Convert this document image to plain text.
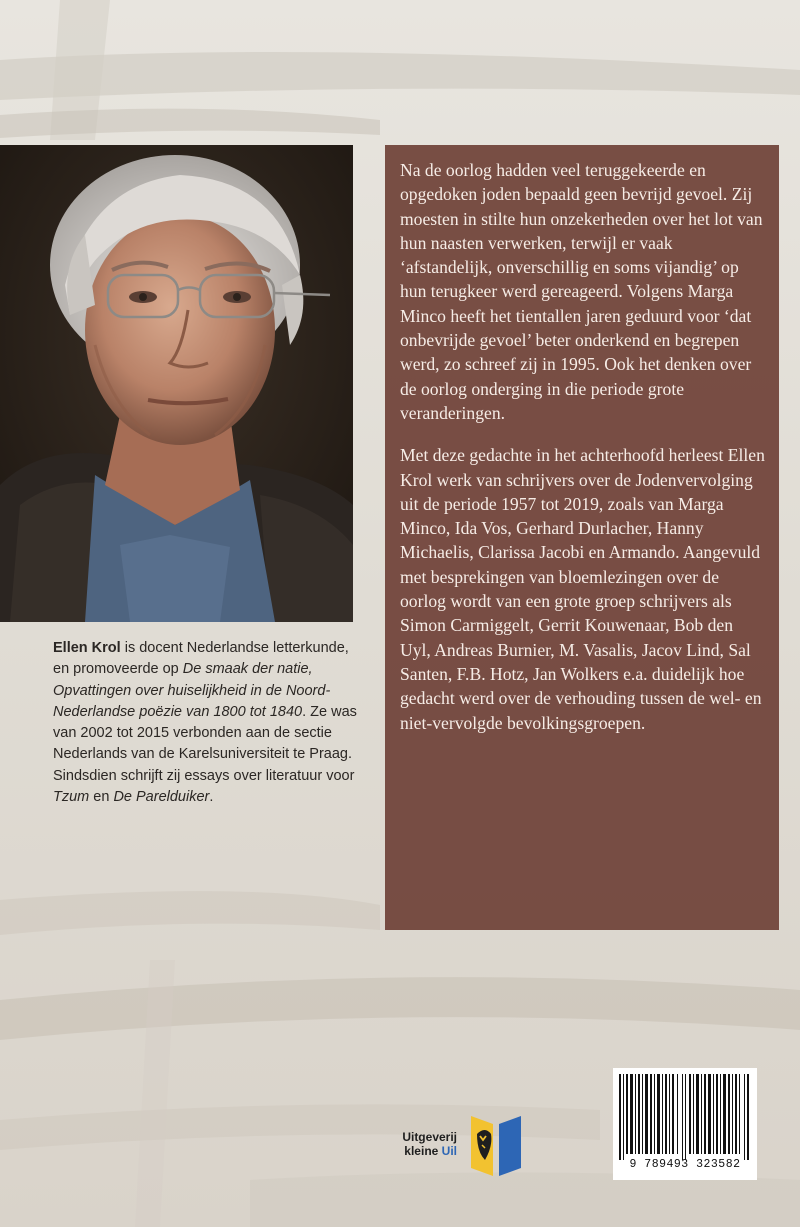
Ellen Krol is docent Nederlandse letterkunde, en promoveerde op De smaak der natie, Opvattingen over huiselijkheid in de Noord-Nederlandse poëzie van 1800 tot 1840. Ze was van 2002 tot 2015 verbonden aan de sectie Nederlands van de Karelsuniversiteit te Praag. Sindsdien schrijft zij essays over literatuur voor Tzum en De Parelduiker.

Na de oorlog hadden veel teruggekeerde en opgedoken joden bepaald geen bevrijd gevoel. Zij moesten in stilte hun onzekerheden over het lot van hun naasten verwerken, terwijl er vaak ‘afstandelijk, onverschillig en soms vijandig’ op hun terugkeer werd gereageerd. Volgens Marga Minco heeft het tientallen jaren geduurd voor ‘dat onbevrijde gevoel’ beter onderkend en begrepen werd, zo schreef zij in 1995. Ook het denken over de oorlog onderging in die periode grote veranderingen.

Met deze gedachte in het achterhoofd herleest Ellen Krol werk van schrijvers over de Jodenvervolging uit de periode 1957 tot 2019, zoals van Marga Minco, Ida Vos, Gerhard Durlacher, Hanny Michaelis, Clarissa Jacobi en Armando. Aangevuld met besprekingen van bloemlezingen over de oorlog wordt van een grote groep schrijvers als Simon Carmiggelt, Gerrit Kouwenaar, Bob den Uyl, Andreas Burnier, M. Vasalis, Jacov Lind, Sal Santen, F.B. Hotz, Jan Wolkers e.a. duidelijk hoe gedacht werd over de verhouding tussen de wel- en niet-vervolgde bevolkingsgroepen.

Uitgeverij
kleine Uil
9 789493 323582
